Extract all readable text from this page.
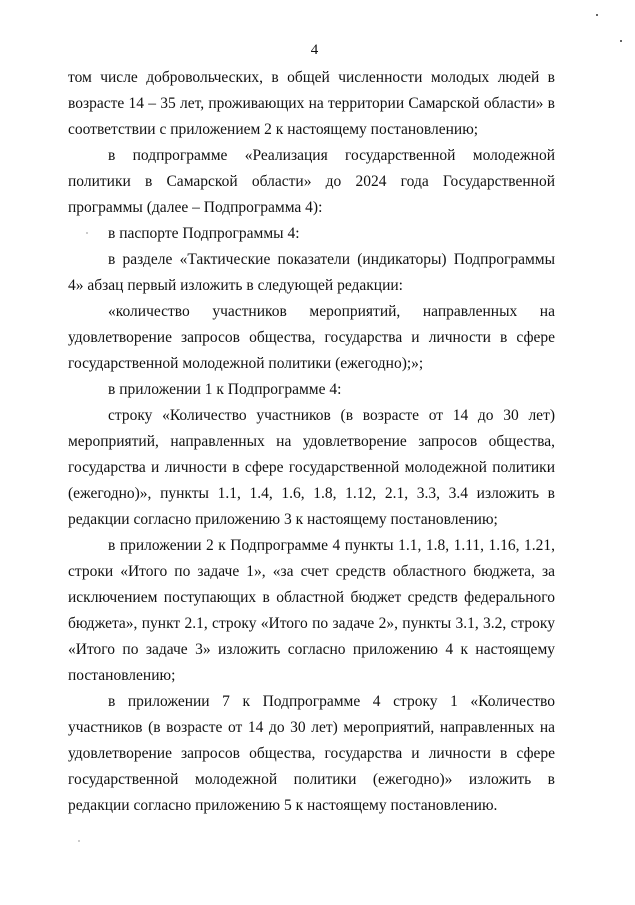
4

том числе добровольческих, в общей численности молодых людей в возрасте 14 – 35 лет, проживающих на территории Самарской области» в соответствии с приложением 2 к настоящему постановлению;

в подпрограмме «Реализация государственной молодежной политики в Самарской области» до 2024 года Государственной программы (далее – Подпрограмма 4):

в паспорте Подпрограммы 4:

в разделе «Тактические показатели (индикаторы) Подпрограммы 4» абзац первый изложить в следующей редакции:

«количество участников мероприятий, направленных на удовлетворение запросов общества, государства и личности в сфере государственной молодежной политики (ежегодно);»;

в приложении 1 к Подпрограмме 4:

строку «Количество участников (в возрасте от 14 до 30 лет) мероприятий, направленных на удовлетворение запросов общества, государства и личности в сфере государственной молодежной политики (ежегодно)», пункты 1.1, 1.4, 1.6, 1.8, 1.12, 2.1, 3.3, 3.4 изложить в редакции согласно приложению 3 к настоящему постановлению;

в приложении 2 к Подпрограмме 4 пункты 1.1, 1.8, 1.11, 1.16, 1.21, строки «Итого по задаче 1», «за счет средств областного бюджета, за исключением поступающих в областной бюджет средств федерального бюджета», пункт 2.1, строку «Итого по задаче 2», пункты 3.1, 3.2, строку «Итого по задаче 3» изложить согласно приложению 4 к настоящему постановлению;

в приложении 7 к Подпрограмме 4 строку 1 «Количество участников (в возрасте от 14 до 30 лет) мероприятий, направленных на удовлетворение запросов общества, государства и личности в сфере государственной молодежной политики (ежегодно)» изложить в редакции согласно приложению 5 к настоящему постановлению.
